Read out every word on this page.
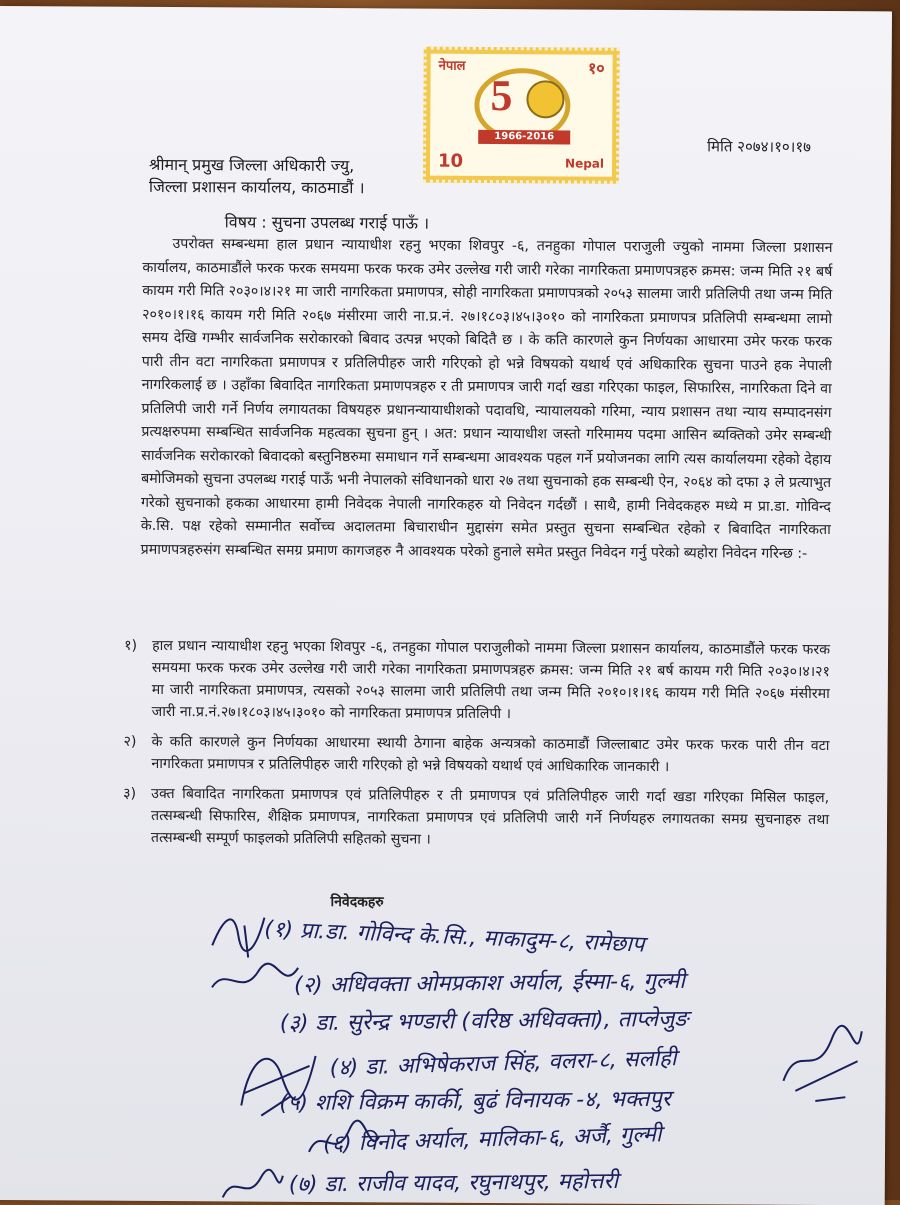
नेपाल	१०
5
1966-2016
10	Nepal
मिति २०७४।१०।१७
श्रीमान् प्रमुख जिल्ला अधिकारी ज्यु,
जिल्ला प्रशासन कार्यालय, काठमाडौं ।
विषय : सुचना उपलब्ध गराई पाऊँ ।

उपरोक्त सम्बन्धमा हाल प्रधान न्यायाधीश रहनु भएका शिवपुर -६, तनहुका गोपाल पराजुली ज्युको नाममा जिल्ला प्रशासन कार्यालय, काठमाडौंले फरक फरक समयमा फरक फरक उमेर उल्लेख गरी जारी गरेका नागरिकता प्रमाणपत्रहरु क्रमस: जन्म मिति २१ बर्ष कायम गरी मिति २०३०।४।२१ मा जारी नागरिकता प्रमाणपत्र, सोही नागरिकता प्रमाणपत्रको २०५३ सालमा जारी प्रतिलिपी तथा जन्म मिति २०१०।१।१६ कायम गरी मिति २०६७ मंसीरमा जारी ना.प्र.नं. २७।१८०३।४५।३०१० को नागरिकता प्रमाणपत्र प्रतिलिपी सम्बन्धमा लामो समय देखि गम्भीर सार्वजनिक सरोकारको बिवाद उत्पन्न भएको बिदितै छ । के कति कारणले कुन निर्णयका आधारमा उमेर फरक फरक पारी तीन वटा नागरिकता प्रमाणपत्र र प्रतिलिपीहरु जारी गरिएको हो भन्ने विषयको यथार्थ एवं अधिकारिक सुचना पाउने हक नेपाली नागरिकलाई छ । उहाँका बिवादित नागरिकता प्रमाणपत्रहरु र ती प्रमाणपत्र जारी गर्दा खडा गरिएका फाइल, सिफारिस, नागरिकता दिने वा प्रतिलिपी जारी गर्ने निर्णय लगायतका विषयहरु प्रधानन्यायाधीशको पदावधि, न्यायालयको गरिमा, न्याय प्रशासन तथा न्याय सम्पादनसंग प्रत्यक्षरुपमा सम्बन्धित सार्वजनिक महत्वका सुचना हुन् । अत: प्रधान न्यायाधीश जस्तो गरिमामय पदमा आसिन ब्यक्तिको उमेर सम्बन्धी सार्वजनिक सरोकारको बिवादको बस्तुनिष्ठरुमा समाधान गर्ने सम्बन्धमा आवश्यक पहल गर्ने प्रयोजनका लागि त्यस कार्यालयमा रहेको देहाय बमोजिमको सुचना उपलब्ध गराई पाऊँ भनी नेपालको संविधानको धारा २७ तथा सुचनाको हक सम्बन्धी ऐन, २०६४ को दफा ३ ले प्रत्याभुत गरेको सुचनाको हकका आधारमा हामी निवेदक नेपाली नागरिकहरु यो निवेदन गर्दछौं । साथै, हामी निवेदकहरु मध्ये म प्रा.डा. गोविन्द के.सि. पक्ष रहेको सम्मानीत सर्वोच्च अदालतमा बिचाराधीन मुद्दासंग समेत प्रस्तुत सुचना सम्बन्धित रहेको र बिवादित नागरिकता प्रमाणपत्रहरुसंग सम्बन्धित समग्र प्रमाण कागजहरु नै आवश्यक परेको हुनाले समेत प्रस्तुत निवेदन गर्नु परेको ब्यहोरा निवेदन गरिन्छ :-

१)	हाल प्रधान न्यायाधीश रहनु भएका शिवपुर -६, तनहुका गोपाल पराजुलीको नाममा जिल्ला प्रशासन कार्यालय, काठमाडौंले फरक फरक समयमा फरक फरक उमेर उल्लेख गरी जारी गरेका नागरिकता प्रमाणपत्रहरु क्रमस: जन्म मिति २१ बर्ष कायम गरी मिति २०३०।४।२१ मा जारी नागरिकता प्रमाणपत्र, त्यसको २०५३ सालमा जारी प्रतिलिपी तथा जन्म मिति २०१०।१।१६ कायम गरी मिति २०६७ मंसीरमा जारी ना.प्र.नं.२७।१८०३।४५।३०१० को नागरिकता प्रमाणपत्र प्रतिलिपी ।
२)	के कति कारणले कुन निर्णयका आधारमा स्थायी ठेगाना बाहेक अन्यत्रको काठमाडौं जिल्लाबाट उमेर फरक फरक पारी तीन वटा नागरिकता प्रमाणपत्र र प्रतिलिपीहरु जारी गरिएको हो भन्ने विषयको यथार्थ एवं आधिकारिक जानकारी ।
३)	उक्त बिवादित नागरिकता प्रमाणपत्र एवं प्रतिलिपीहरु र ती प्रमाणपत्र एवं प्रतिलिपीहरु जारी गर्दा खडा गरिएका मिसिल फाइल, तत्सम्बन्धी सिफारिस, शैक्षिक प्रमाणपत्र, नागरिकता प्रमाणपत्र एवं प्रतिलिपी जारी गर्ने निर्णयहरु लगायतका समग्र सुचनाहरु तथा तत्सम्बन्धी सम्पूर्ण फाइलको प्रतिलिपी सहितको सुचना ।
निवेदकहरु
(१) प्रा.डा. गोविन्द के.सि., माकादुम-८, रामेछाप
(२) अधिवक्ता ओमप्रकाश अर्याल, ईस्मा-६, गुल्मी
(३) डा. सुरेन्द्र भण्डारी (वरिष्ठ अधिवक्ता), ताप्लेजुङ
(४) डा. अभिषेकराज सिंह, वलरा-८, सर्लाही
(५) शशि विक्रम कार्की, बुढं विनायक -४, भक्तपुर
(६) विनोद अर्याल, मालिका-६, अर्जै, गुल्मी
(७) डा. राजीव यादव, रघुनाथपुर, महोत्तरी
